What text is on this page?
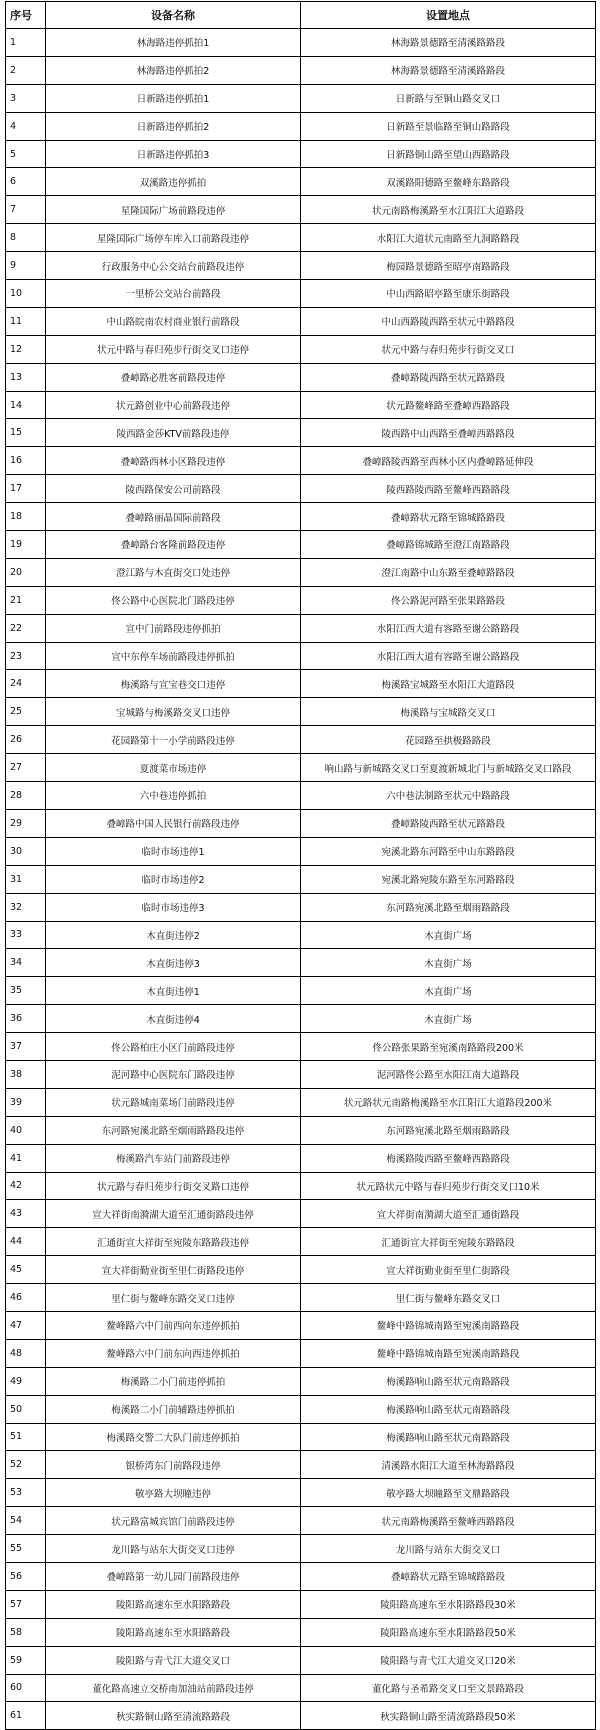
序号	设备名称	设置地点
1	林海路违停抓拍1	林海路景德路至清溪路路段
2	林海路违停抓拍2	林海路景德路至清溪路路段
3	日新路违停抓拍1	日新路与至铜山路交叉口
4	日新路违停抓拍2	日新路至景临路至铜山路路段
5	日新路违停抓拍3	日新路铜山路至望山西路路段
6	双溪路违停抓拍	双溪路阳德路至鳌峰东路路段
7	星隆国际广场前路段违停	状元南路梅溪路至水江阳江大道路段
8	星隆国际广场停车库入口前路段违停	水阳江大道状元南路至九洞路路段
9	行政服务中心公交站台前路段违停	梅园路景德路至昭亭南路路段
10	一里桥公交站台前路段	中山西路昭亭路至康乐街路段
11	中山路皖南农村商业银行前路段	中山西路陵西路至状元中路路段
12	状元中路与春归苑步行街交叉口违停	状元中路与春归苑步行街交叉口
13	叠嶂路必胜客前路段违停	叠嶂路陵西路至状元路路段
14	状元路创业中心前路段违停	状元路鳌峰路至叠嶂西路路段
15	陵西路金莎KTV前路段违停	陵西路中山西路至叠嶂西路路段
16	叠嶂路西林小区路段违停	叠嶂路陵西路至西林小区内叠嶂路延伸段
17	陵西路保安公司前路段	陵西路陵西路至鳌峰西路路段
18	叠嶂路丽晶国际前路段	叠嶂路状元路至锦城路路段
19	叠嶂路台客隆前路段违停	叠嶂路锦城路至澄江南路路段
20	澄江路与木直街交口处违停	澄江南路中山东路至叠嶂路路段
21	佟公路中心医院北门路段违停	佟公路泥河路至张果路路段
22	宣中门前路段违停抓拍	水阳江西大道有容路至谢公路路段
23	宣中东停车场前路段违停抓拍	水阳江西大道有容路至谢公路路段
24	梅溪路与宣宝巷交口违停	梅溪路宝城路至水阳江大道路段
25	宝城路与梅溪路交叉口违停	梅溪路与宝城路交叉口
26	花园路第十一小学前路段违停	花园路至拱极路路段
27	夏渡菜市场违停	响山路与新城路交叉口至夏渡新城北门与新城路交叉口路段
28	六中巷违停抓拍	六中巷法制路至状元中路路段
29	叠嶂路中国人民银行前路段违停	叠嶂路陵西路至状元路路段
30	临时市场违停1	宛溪北路东河路至中山东路路段
31	临时市场违停2	宛溪北路宛陵东路至东河路路段
32	临时市场违停3	东河路宛溪北路至烟雨路路段
33	木直街违停2	木直街广场
34	木直街违停3	木直街广场
35	木直街违停1	木直街广场
36	木直街违停4	木直街广场
37	佟公路柏庄小区门前路段违停	佟公路张果路至宛溪南路路段200米
38	泥河路中心医院东门路段违停	泥河路佟公路至水阳江南大道路段
39	状元路城南菜场门前路段违停	状元路状元南路梅溪路至水江阳江大道路段200米
40	东河路宛溪北路至烟雨路路段违停	东河路宛溪北路至烟雨路路段
41	梅溪路汽车站门前路段违停	梅溪路陵西路至鳌峰西路路段
42	状元路与春归苑步行街交叉路口违停	状元路状元中路与春归苑步行街交叉口10米
43	宣大祥街南漪湖大道至汇通街路段违停	宣大祥街南漪湖大道至汇通街路段
44	汇通街宣大祥街至宛陵东路路段违停	汇通街宣大祥街至宛陵东路路段
45	宣大祥街勤业街至里仁街路段违停	宣大祥街勤业街至里仁街路段
46	里仁街与鳌峰东路交叉口违停	里仁街与鳌峰东路交叉口
47	鳌峰路六中门前西向东违停抓拍	鳌峰中路锦城南路至宛溪南路路段
48	鳌峰路六中门前东向西违停抓拍	鳌峰中路锦城南路至宛溪南路路段
49	梅溪路二小门前违停抓拍	梅溪路响山路至状元南路路段
50	梅溪路二小门前辅路违停抓拍	梅溪路响山路至状元南路路段
51	梅溪路交警二大队门前违停抓拍	梅溪路响山路至状元南路路段
52	银桥湾东门前路段违停	清溪路水阳江大道至林海路路段
53	敬亭路大坝瞳违停	敬亭路大坝瞳路至文鼎路路段
54	状元路富城宾馆门前路段违停	状元南路梅溪路至鳌峰西路路段
55	龙川路与站东大街交叉口违停	龙川路与站东大街交叉口
56	叠嶂路第一幼儿园门前路段违停	叠嶂路状元路至锦城路路段
57	陵阳路高速东至水阳路路段	陵阳路高速东至水阳路路段30米
58	陵阳路高速东至水阳路路段	陵阳路高速东至水阳路路段50米
59	陵阳路与青弋江大道交叉口	陵阳路与青弋江大道交叉口20米
60	董化路高速立交桥南加油站前路段违停	董化路与圣希路交叉口至文景路路段
61	秋实路铜山路至清流路路段	秋实路铜山路至清流路路段50米
